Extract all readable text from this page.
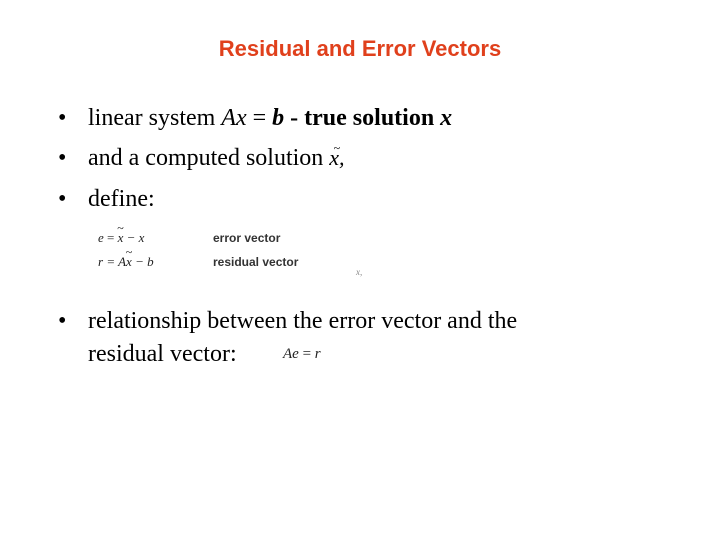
Residual and Error Vectors
• linear system Ax = b - true solution x
• and a computed solution ~ x,
• define:
e = ~ x − x	error vector
r = A~ x − b	residual vector
x,
• relationship between the error vector and the
residual vector:	Ae = r
